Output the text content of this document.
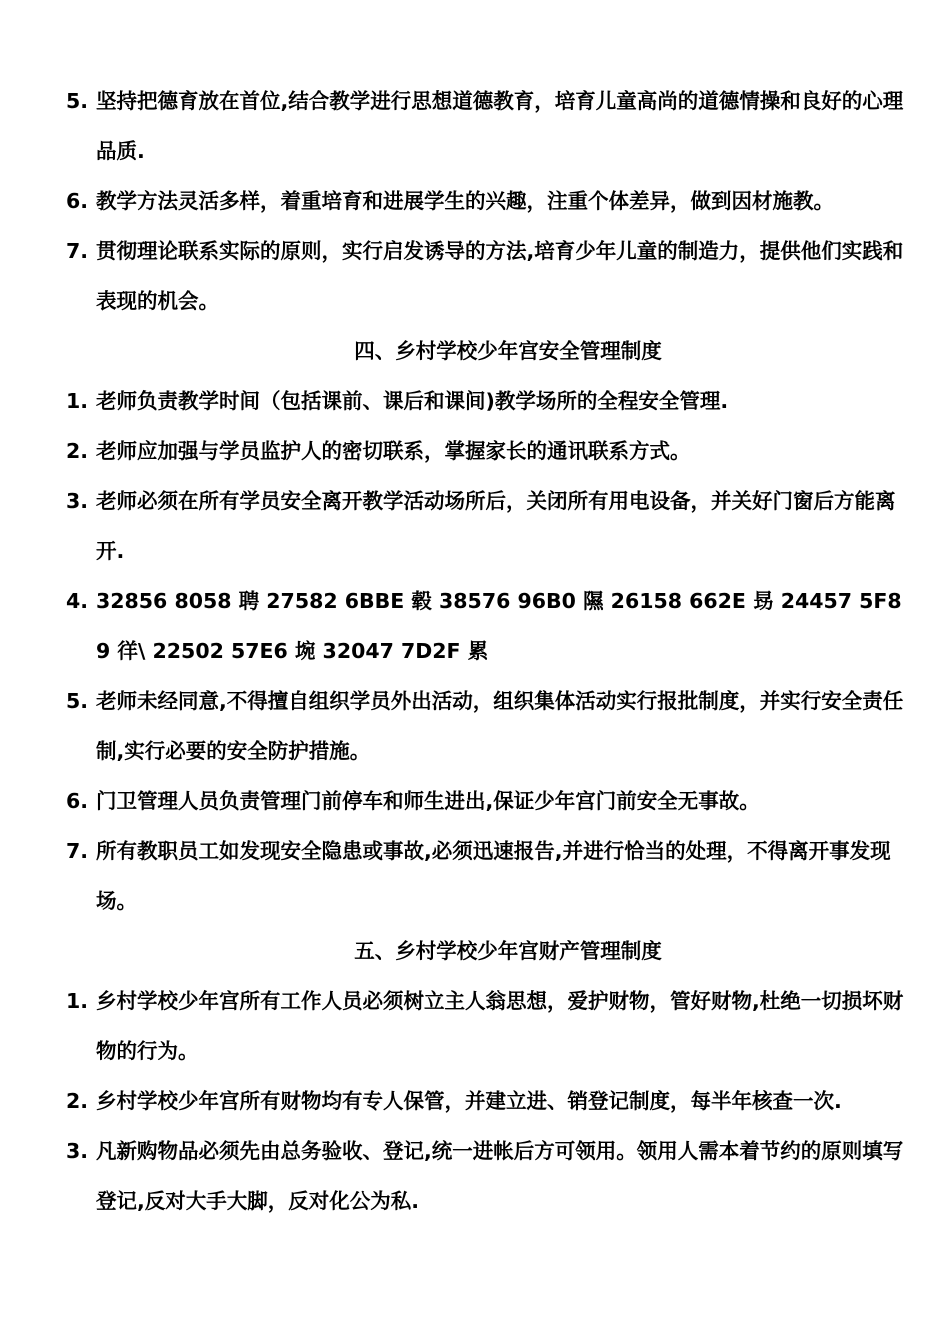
5. 坚持把德育放在首位,结合教学进行思想道德教育，培育儿童高尚的道德情操和良好的心理品质.
6. 教学方法灵活多样，着重培育和进展学生的兴趣，注重个体差异，做到因材施教。
7. 贯彻理论联系实际的原则，实行启发诱导的方法,培育少年儿童的制造力，提供他们实践和表现的机会。
四、乡村学校少年宫安全管理制度
1. 老师负责教学时间（包括课前、课后和课间)教学场所的全程安全管理.
2. 老师应加强与学员监护人的密切联系，掌握家长的通讯联系方式。
3. 老师必须在所有学员安全离开教学活动场所后，关闭所有用电设备，并关好门窗后方能离开.
4. 32856 8058 聘 27582 6BBE 毂 38576 96B0 隰 26158 662E 昮 24457 5F89 徉\ 22502 57E6 埦 32047 7D2F 累
5. 老师未经同意,不得擅自组织学员外出活动，组织集体活动实行报批制度，并实行安全责任制,实行必要的安全防护措施。
6. 门卫管理人员负责管理门前停车和师生进出,保证少年宫门前安全无事故。
7. 所有教职员工如发现安全隐患或事故,必须迅速报告,并进行恰当的处理，不得离开事发现场。
五、乡村学校少年宫财产管理制度
1. 乡村学校少年宫所有工作人员必须树立主人翁思想，爱护财物，管好财物,杜绝一切损坏财物的行为。
2. 乡村学校少年宫所有财物均有专人保管，并建立进、销登记制度，每半年核查一次.
3. 凡新购物品必须先由总务验收、登记,统一进帐后方可领用。领用人需本着节约的原则填写登记,反对大手大脚，反对化公为私.
